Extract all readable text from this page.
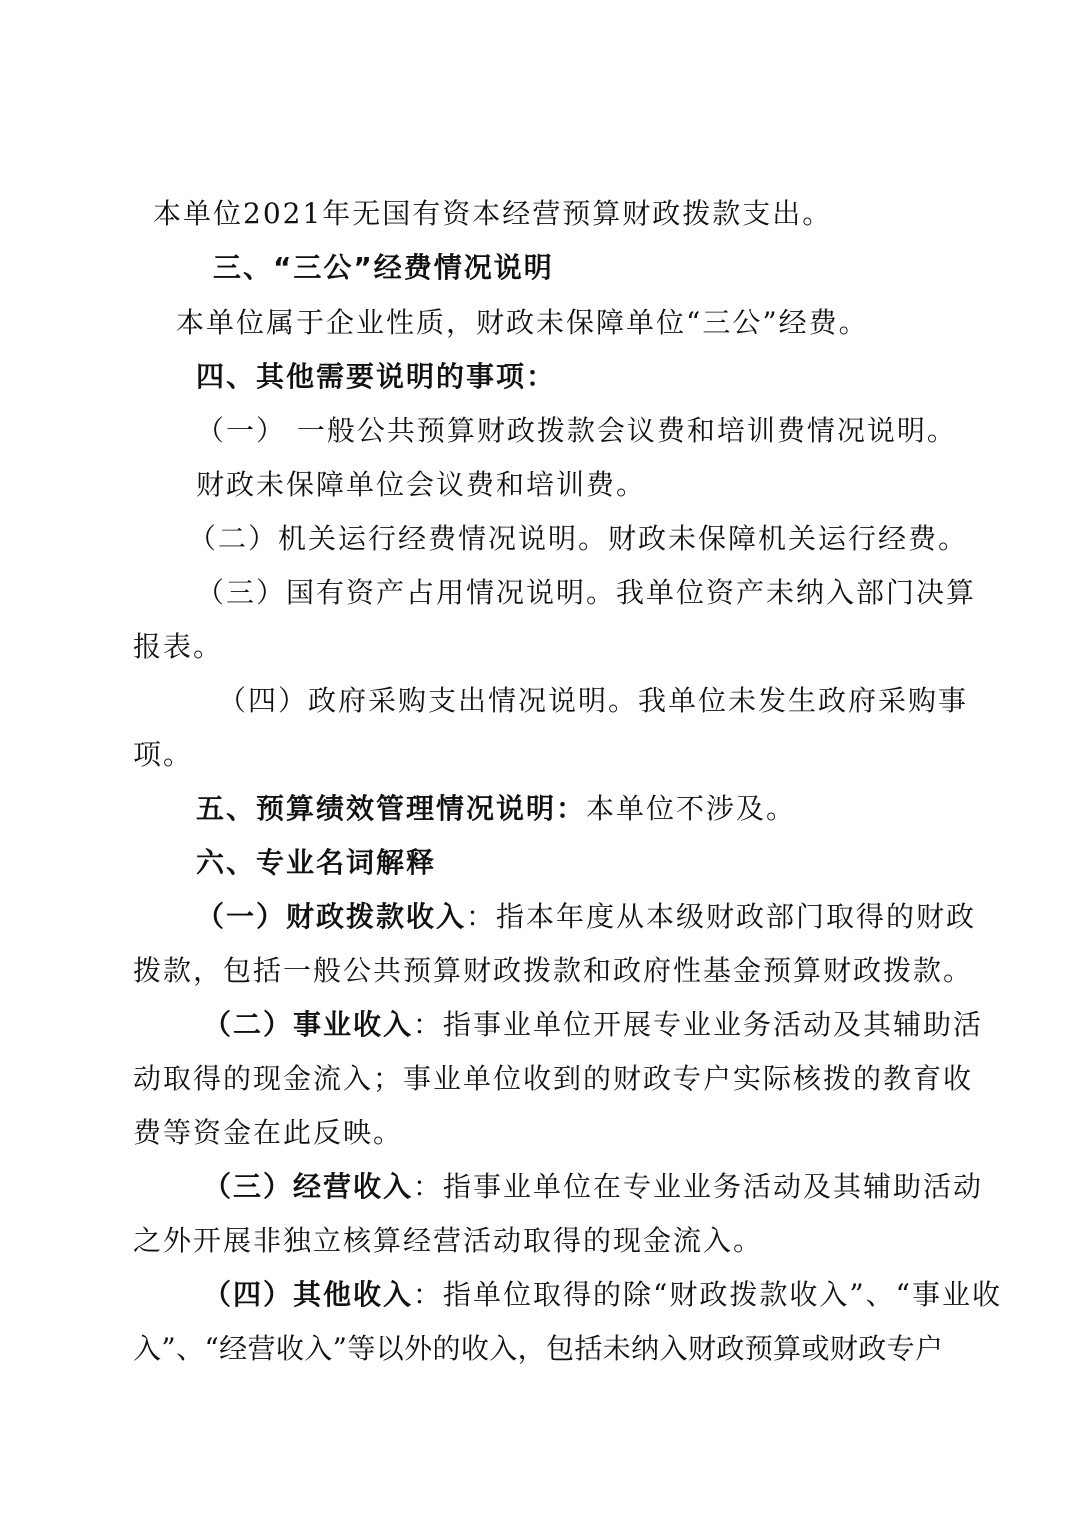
本单位2021年无国有资本经营预算财政拨款支出。
三、“三公”经费情况说明
本单位属于企业性质，财政未保障单位“三公”经费。
四、其他需要说明的事项：
（一） 一般公共预算财政拨款会议费和培训费情况说明。
财政未保障单位会议费和培训费。
（二）机关运行经费情况说明。财政未保障机关运行经费。
（三）国有资产占用情况说明。我单位资产未纳入部门决算
报表。
（四）政府采购支出情况说明。我单位未发生政府采购事
项。
五、预算绩效管理情况说明：本单位不涉及。
六、专业名词解释
（一）财政拨款收入：指本年度从本级财政部门取得的财政
拨款，包括一般公共预算财政拨款和政府性基金预算财政拨款。
（二）事业收入：指事业单位开展专业业务活动及其辅助活
动取得的现金流入；事业单位收到的财政专户实际核拨的教育收
费等资金在此反映。
（三）经营收入：指事业单位在专业业务活动及其辅助活动
之外开展非独立核算经营活动取得的现金流入。
（四）其他收入：指单位取得的除“财政拨款收入”、“事业收
入”、“经营收入”等以外的收入，包括未纳入财政预算或财政专户
